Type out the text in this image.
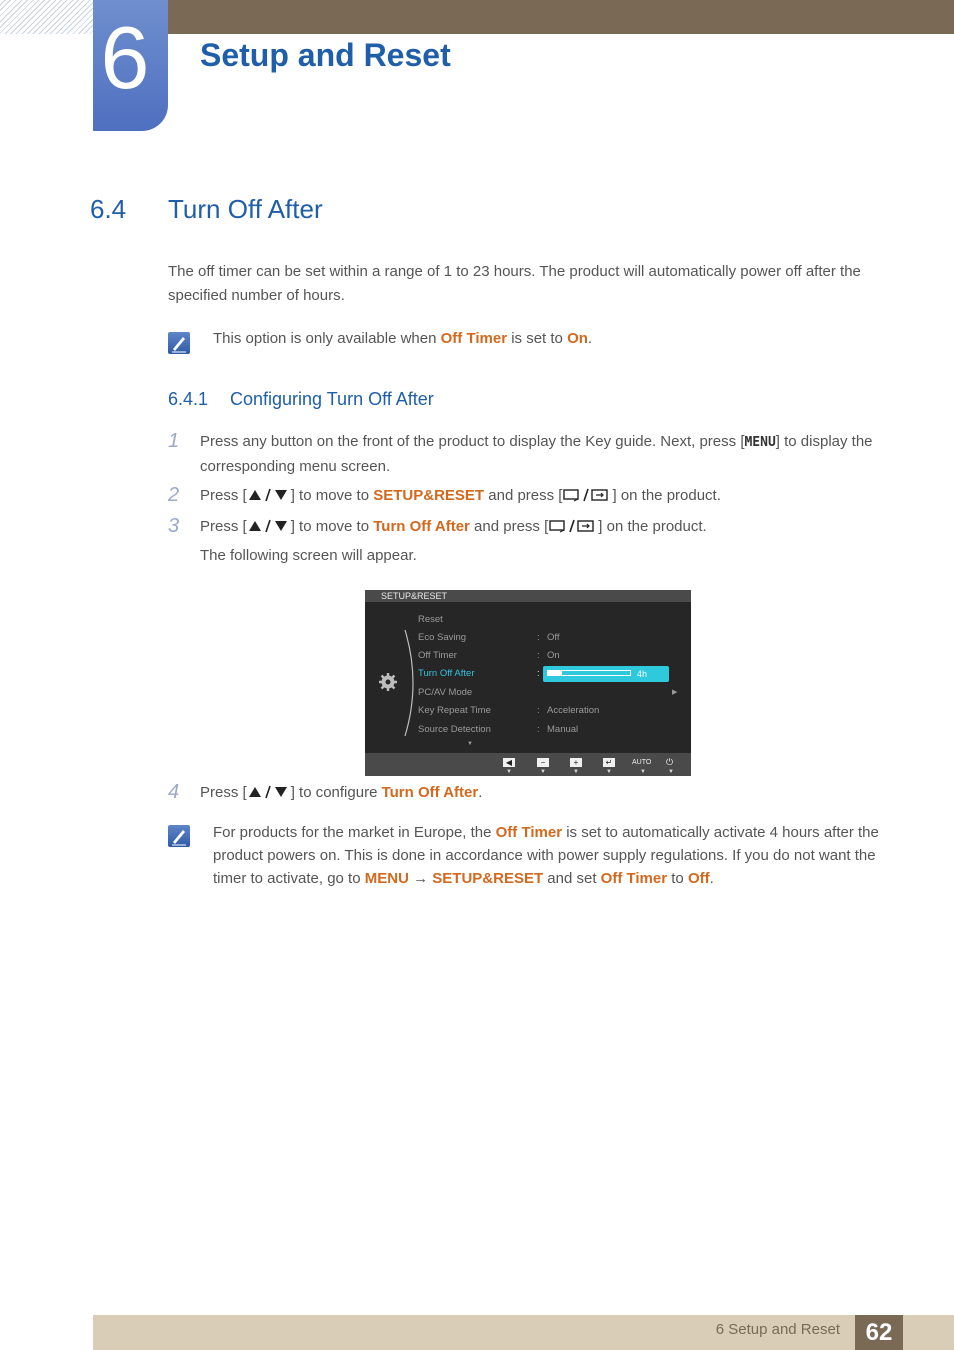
6 Setup and Reset
6.4 Turn Off After
The off timer can be set within a range of 1 to 23 hours. The product will automatically power off after the specified number of hours.
This option is only available when Off Timer is set to On.
6.4.1 Configuring Turn Off After
1 Press any button on the front of the product to display the Key guide. Next, press [MENU] to display the corresponding menu screen.
2 Press [	] to move to SETUP&RESET and press [	] on the product.
3 Press [	] to move to Turn Off After and press [	] on the product.
The following screen will appear.
SETUP&RESET
Reset
Eco Saving	: Off
Off Timer	: On
Turn Off After	:	4h
PC/AV Mode	▶
Key Repeat Time	: Acceleration
Source Detection	: Manual
▼
◀	−	+	↵	AUTO ⏻
▼	▼	▼	▼	▼	▼
4 Press [	] to configure Turn Off After.
For products for the market in Europe, the Off Timer is set to automatically activate 4 hours after the product powers on. This is done in accordance with power supply regulations. If you do not want the timer to activate, go to MENU → SETUP&RESET and set Off Timer to Off.
6 Setup and Reset	62
